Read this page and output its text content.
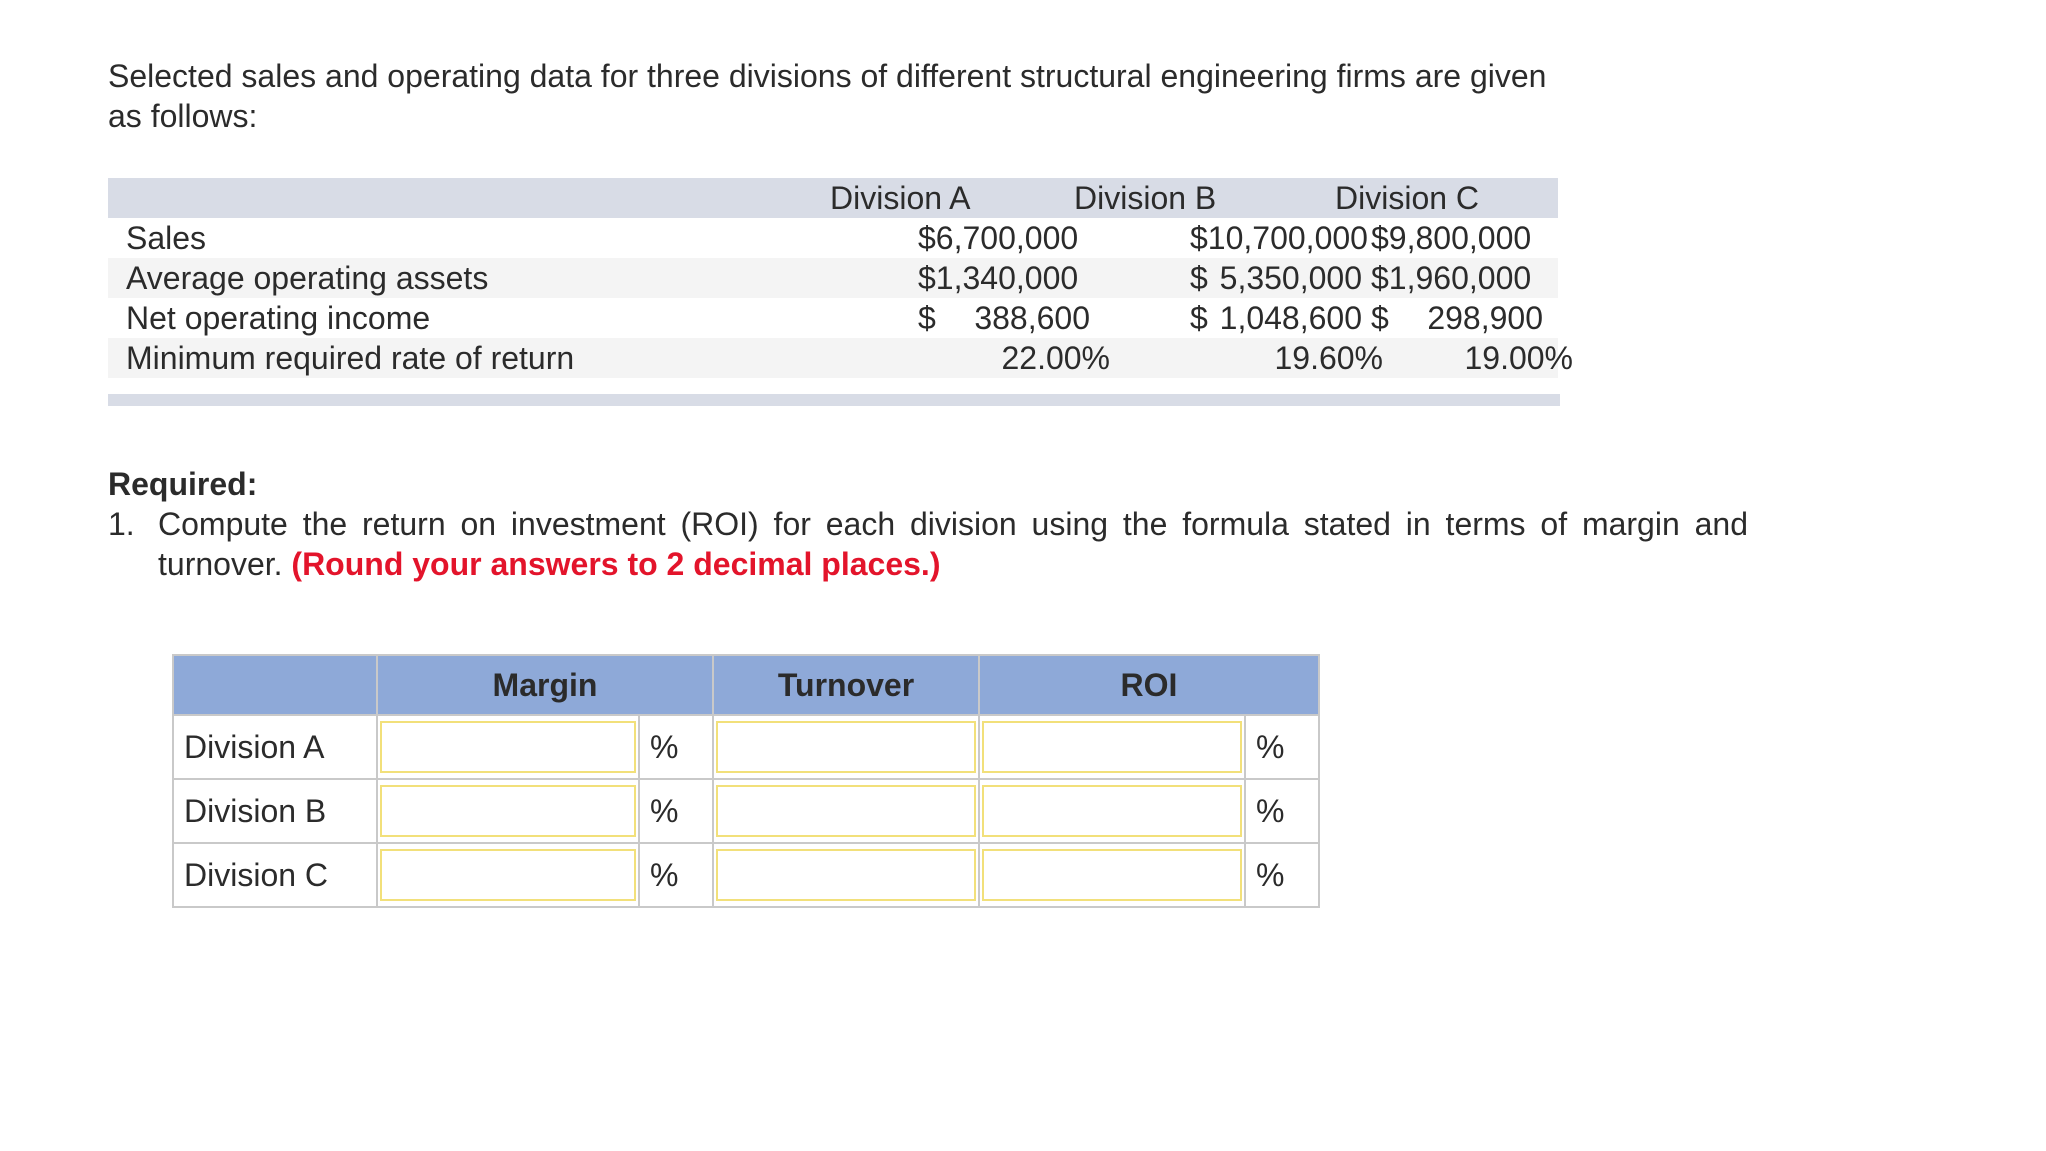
Selected sales and operating data for three divisions of different structural engineering firms are given as follows:

Division A	Division B	Division C
Sales	$6,700,000	$10,700,000 $9,800,000
Average operating assets	$1,340,000	$ 5,350,000 $1,960,000
Net operating income	$ 388,600	$ 1,048,600 $ 298,900
Minimum required rate of return	22.00%	19.60%	19.00%
Required:
1. Compute the return on investment (ROI) for each division using the formula stated in terms of margin and turnover. (Round your answers to 2 decimal places.)
	Margin		Turnover	ROI	
Division A		%			%
Division B		%			%
Division C		%			%
